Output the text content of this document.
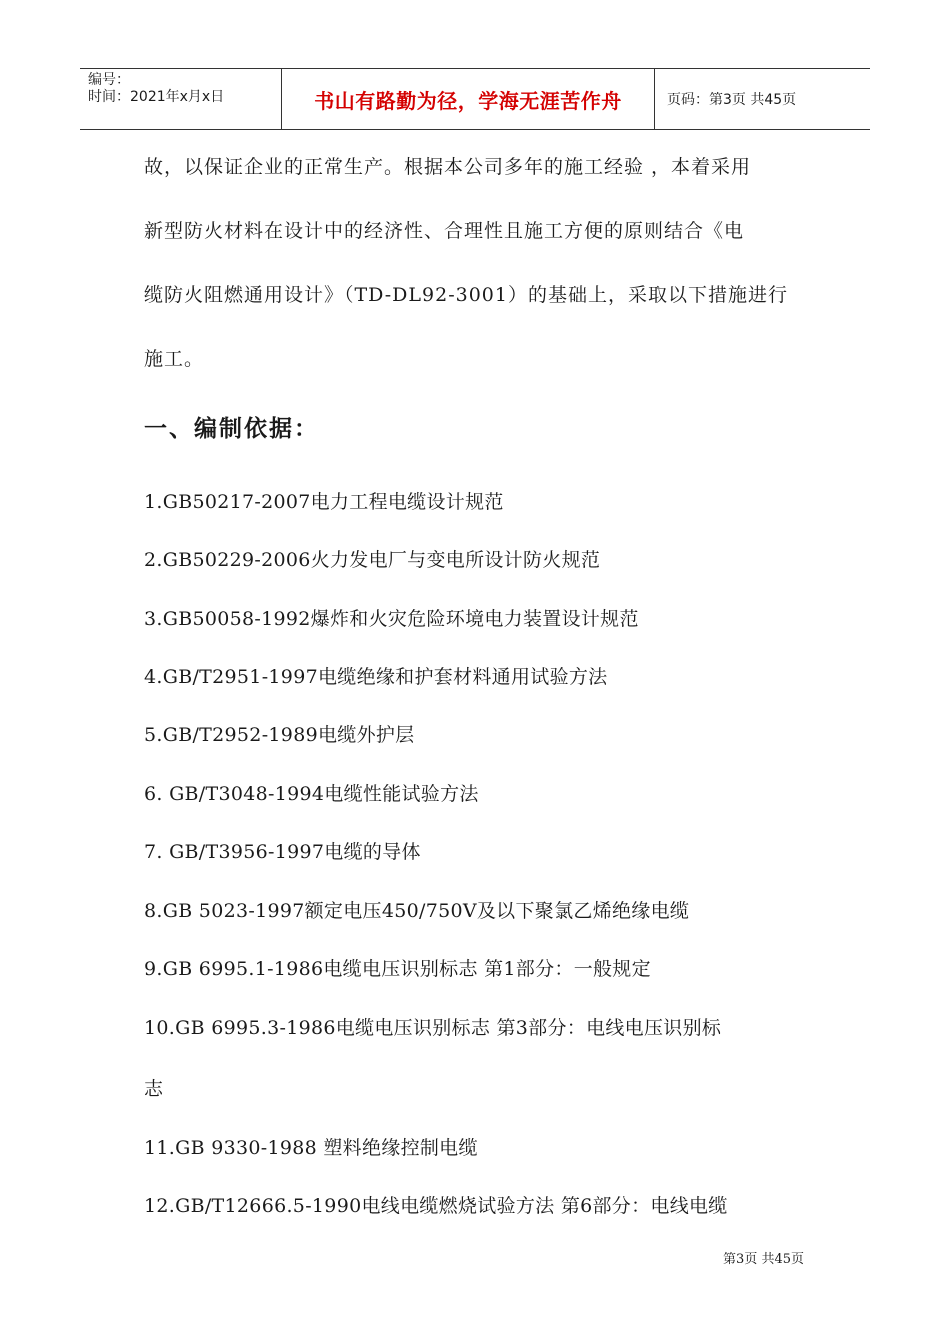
编号：
时间：2021年x月x日	书山有路勤为径，学海无涯苦作舟	页码：第3页 共45页
故，以保证企业的正常生产。根据本公司多年的施工经验 ，本着采用
新型防火材料在设计中的经济性、合理性且施工方便的原则结合《电
缆防火阻燃通用设计》（TD-DL92-3001）的基础上，采取以下措施进行
施工。
一、编制依据：
1.GB50217-2007电力工程电缆设计规范
2.GB50229-2006火力发电厂与变电所设计防火规范
3.GB50058-1992爆炸和火灾危险环境电力装置设计规范
4.GB/T2951-1997电缆绝缘和护套材料通用试验方法
5.GB/T2952-1989电缆外护层
6. GB/T3048-1994电缆性能试验方法
7. GB/T3956-1997电缆的导体
8.GB 5023-1997额定电压450/750V及以下聚氯乙烯绝缘电缆
9.GB 6995.1-1986电缆电压识别标志 第1部分：一般规定
10.GB 6995.3-1986电缆电压识别标志 第3部分：电线电压识别标
志
11.GB 9330-1988 塑料绝缘控制电缆
12.GB/T12666.5-1990电线电缆燃烧试验方法 第6部分：电线电缆
第3页 共45页
